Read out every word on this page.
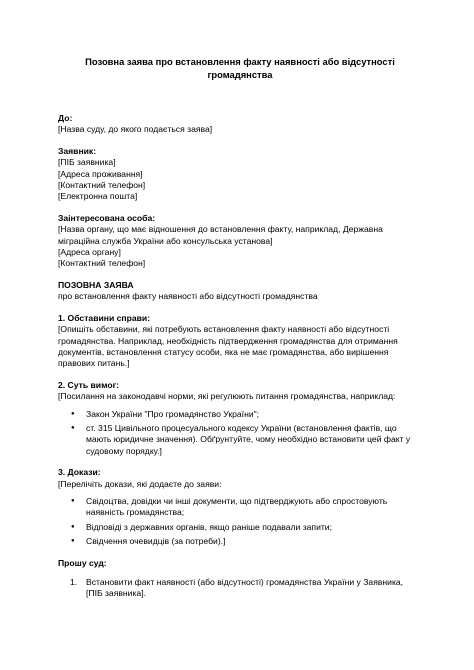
Позовна заява про встановлення факту наявності або відсутності громадянства
До:
[Назва суду, до якого подається заява]
Заявник:
[ПІБ заявника]
[Адреса проживання]
[Контактний телефон]
[Електронна пошта]
Заінтересована особа:
[Назва органу, що має відношення до встановлення факту, наприклад, Державна міграційна служба України або консульська установа]
[Адреса органу]
[Контактний телефон]
ПОЗОВНА ЗАЯВА
про встановлення факту наявності або відсутності громадянства
1. Обставини справи:
[Опишіть обставини, які потребують встановлення факту наявності або відсутності громадянства. Наприклад, необхідність підтвердження громадянства для отримання документів, встановлення статусу особи, яка не має громадянства, або вирішення правових питань.]
2. Суть вимог:
[Посилання на законодавчі норми, які регулюють питання громадянства, наприклад:
● Закон України "Про громадянство України";
● ст. 315 Цивільного процесуального кодексу України (встановлення фактів, що мають юридичне значення). Обґрунтуйте, чому необхідно встановити цей факт у судовому порядку.]
3. Докази:
[Перелічіть докази, які додаєте до заяви:
● Свідоцтва, довідки чи інші документи, що підтверджують або спростовують наявність громадянства;
● Відповіді з державних органів, якщо раніше подавали запити;
● Свідчення очевидців (за потреби).]
Прошу суд:
1. Встановити факт наявності (або відсутності) громадянства України у Заявника, [ПІБ заявника].
